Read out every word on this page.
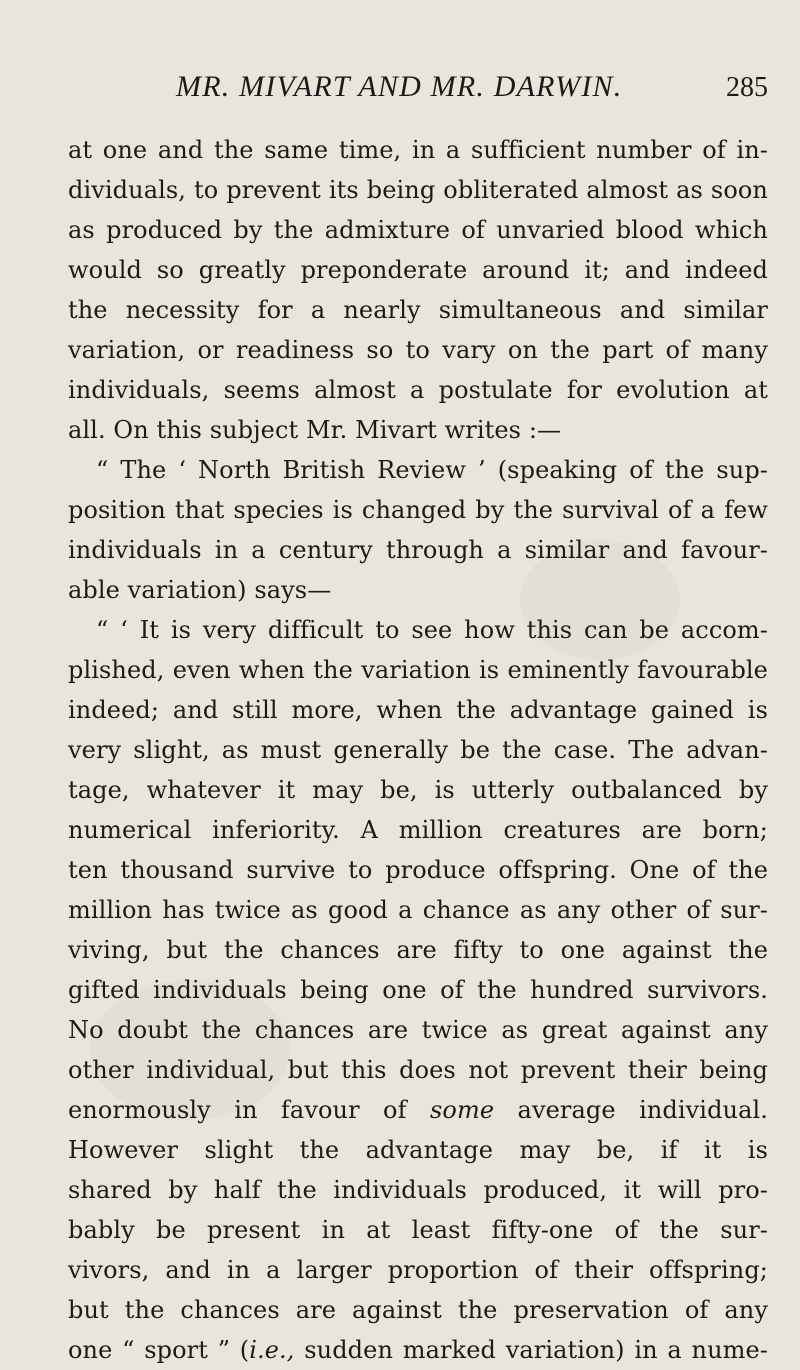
MR. MIVART AND MR. DARWIN.	285
at one and the same time, in a sufficient number of in-
dividuals, to prevent its being obliterated almost as soon
as produced by the admixture of unvaried blood which
would so greatly preponderate around it; and indeed
the necessity for a nearly simultaneous and similar
variation, or readiness so to vary on the part of many
individuals, seems almost a postulate for evolution at
all. On this subject Mr. Mivart writes :—
“ The ‘ North British Review ’ (speaking of the sup-
position that species is changed by the survival of a few
individuals in a century through a similar and favour-
able variation) says—
“ ‘ It is very difficult to see how this can be accom-
plished, even when the variation is eminently favourable
indeed; and still more, when the advantage gained is
very slight, as must generally be the case. The advan-
tage, whatever it may be, is utterly outbalanced by
numerical inferiority. A million creatures are born;
ten thousand survive to produce offspring. One of the
million has twice as good a chance as any other of sur-
viving, but the chances are fifty to one against the
gifted individuals being one of the hundred survivors.
No doubt the chances are twice as great against any
other individual, but this does not prevent their being
enormously in favour of some average individual.
However slight the advantage may be, if it is
shared by half the individuals produced, it will pro-
bably be present in at least fifty-one of the sur-
vivors, and in a larger proportion of their offspring;
but the chances are against the preservation of any
one “ sport ” (i.e., sudden marked variation) in a nume-
